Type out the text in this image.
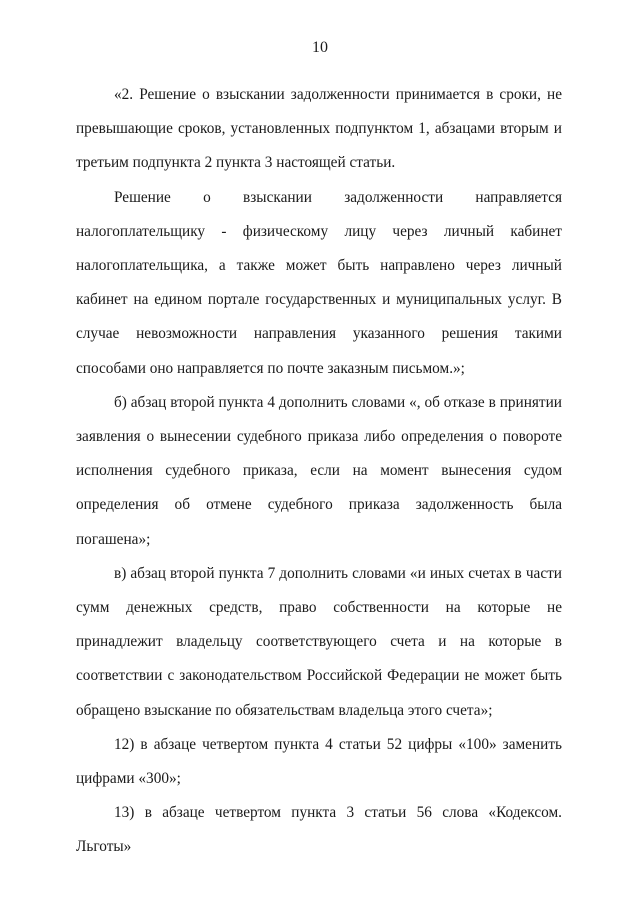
10

«2. Решение о взыскании задолженности принимается в сроки, не превышающие сроков, установленных подпунктом 1, абзацами вторым и третьим подпункта 2 пункта 3 настоящей статьи.

Решение о взыскании задолженности направляется налогоплательщику - физическому лицу через личный кабинет налогоплательщика, а также может быть направлено через личный кабинет на едином портале государственных и муниципальных услуг. В случае невозможности направления указанного решения такими способами оно направляется по почте заказным письмом.»;

б) абзац второй пункта 4 дополнить словами «, об отказе в принятии заявления о вынесении судебного приказа либо определения о повороте исполнения судебного приказа, если на момент вынесения судом определения об отмене судебного приказа задолженность была погашена»;

в) абзац второй пункта 7 дополнить словами «и иных счетах в части сумм денежных средств, право собственности на которые не принадлежит владельцу соответствующего счета и на которые в соответствии с законодательством Российской Федерации не может быть обращено взыскание по обязательствам владельца этого счета»;

12) в абзаце четвертом пункта 4 статьи 52 цифры «100» заменить цифрами «300»;

13) в абзаце четвертом пункта 3 статьи 56 слова «Кодексом. Льготы»
